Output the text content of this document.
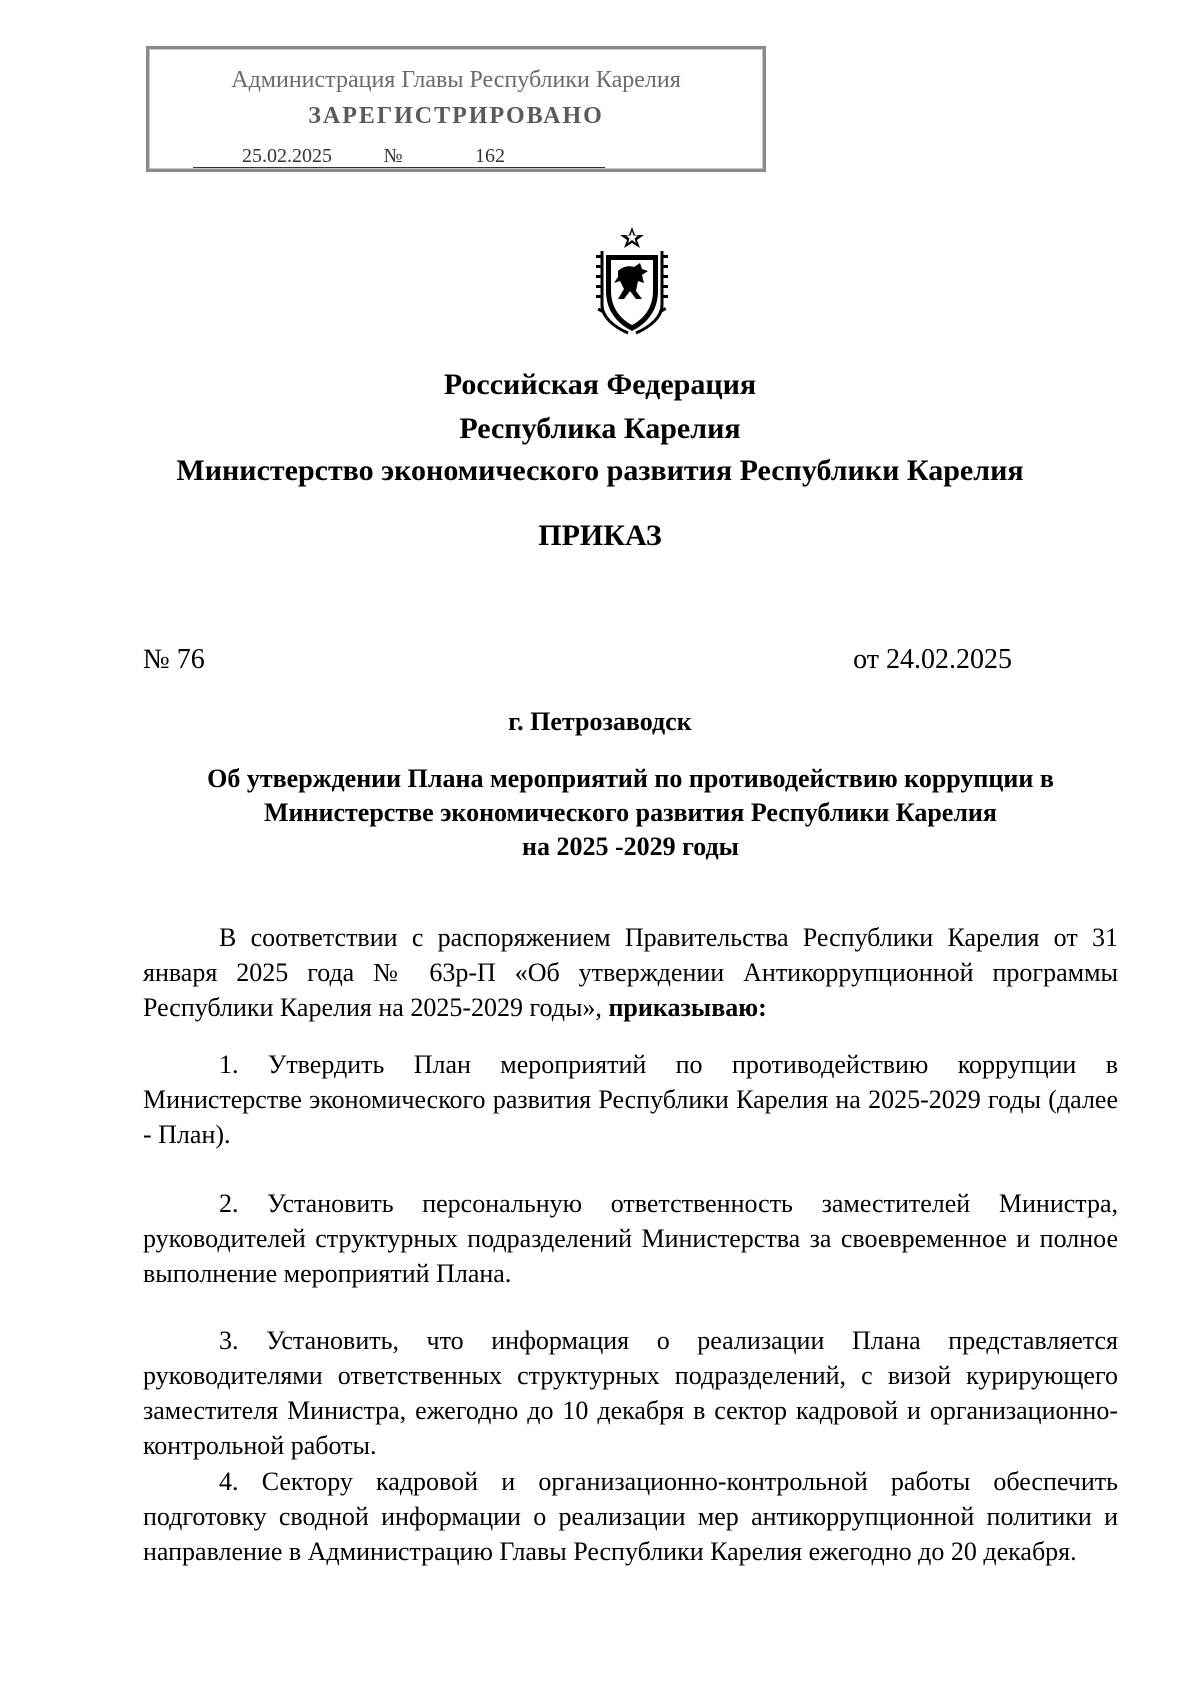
Администрация Главы Республики Карелия
ЗАРЕГИСТРИРОВАНО
25.02.2025	№	162
Российская Федерация
Республика Карелия
Министерство экономического развития Республики Карелия
ПРИКАЗ
№ 76	от 24.02.2025
г. Петрозаводск
Об утверждении Плана мероприятий по противодействию коррупции в
Министерстве экономического развития Республики Карелия
на 2025 -2029 годы
В соответствии с распоряжением Правительства Республики Карелия от 31 января 2025 года № 63р-П «Об утверждении Антикоррупционной программы Республики Карелия на 2025-2029 годы», приказываю:
1. Утвердить План мероприятий по противодействию коррупции в Министерстве экономического развития Республики Карелия на 2025-2029 годы (далее - План).
2. Установить персональную ответственность заместителей Министра, руководителей структурных подразделений Министерства за своевременное и полное выполнение мероприятий Плана.
3. Установить, что информация о реализации Плана представляется руководителями ответственных структурных подразделений, с визой курирующего заместителя Министра, ежегодно до 10 декабря в сектор кадровой и организационно-контрольной работы.
4. Сектору кадровой и организационно-контрольной работы обеспечить подготовку сводной информации о реализации мер антикоррупционной политики и направление в Администрацию Главы Республики Карелия ежегодно до 20 декабря.
